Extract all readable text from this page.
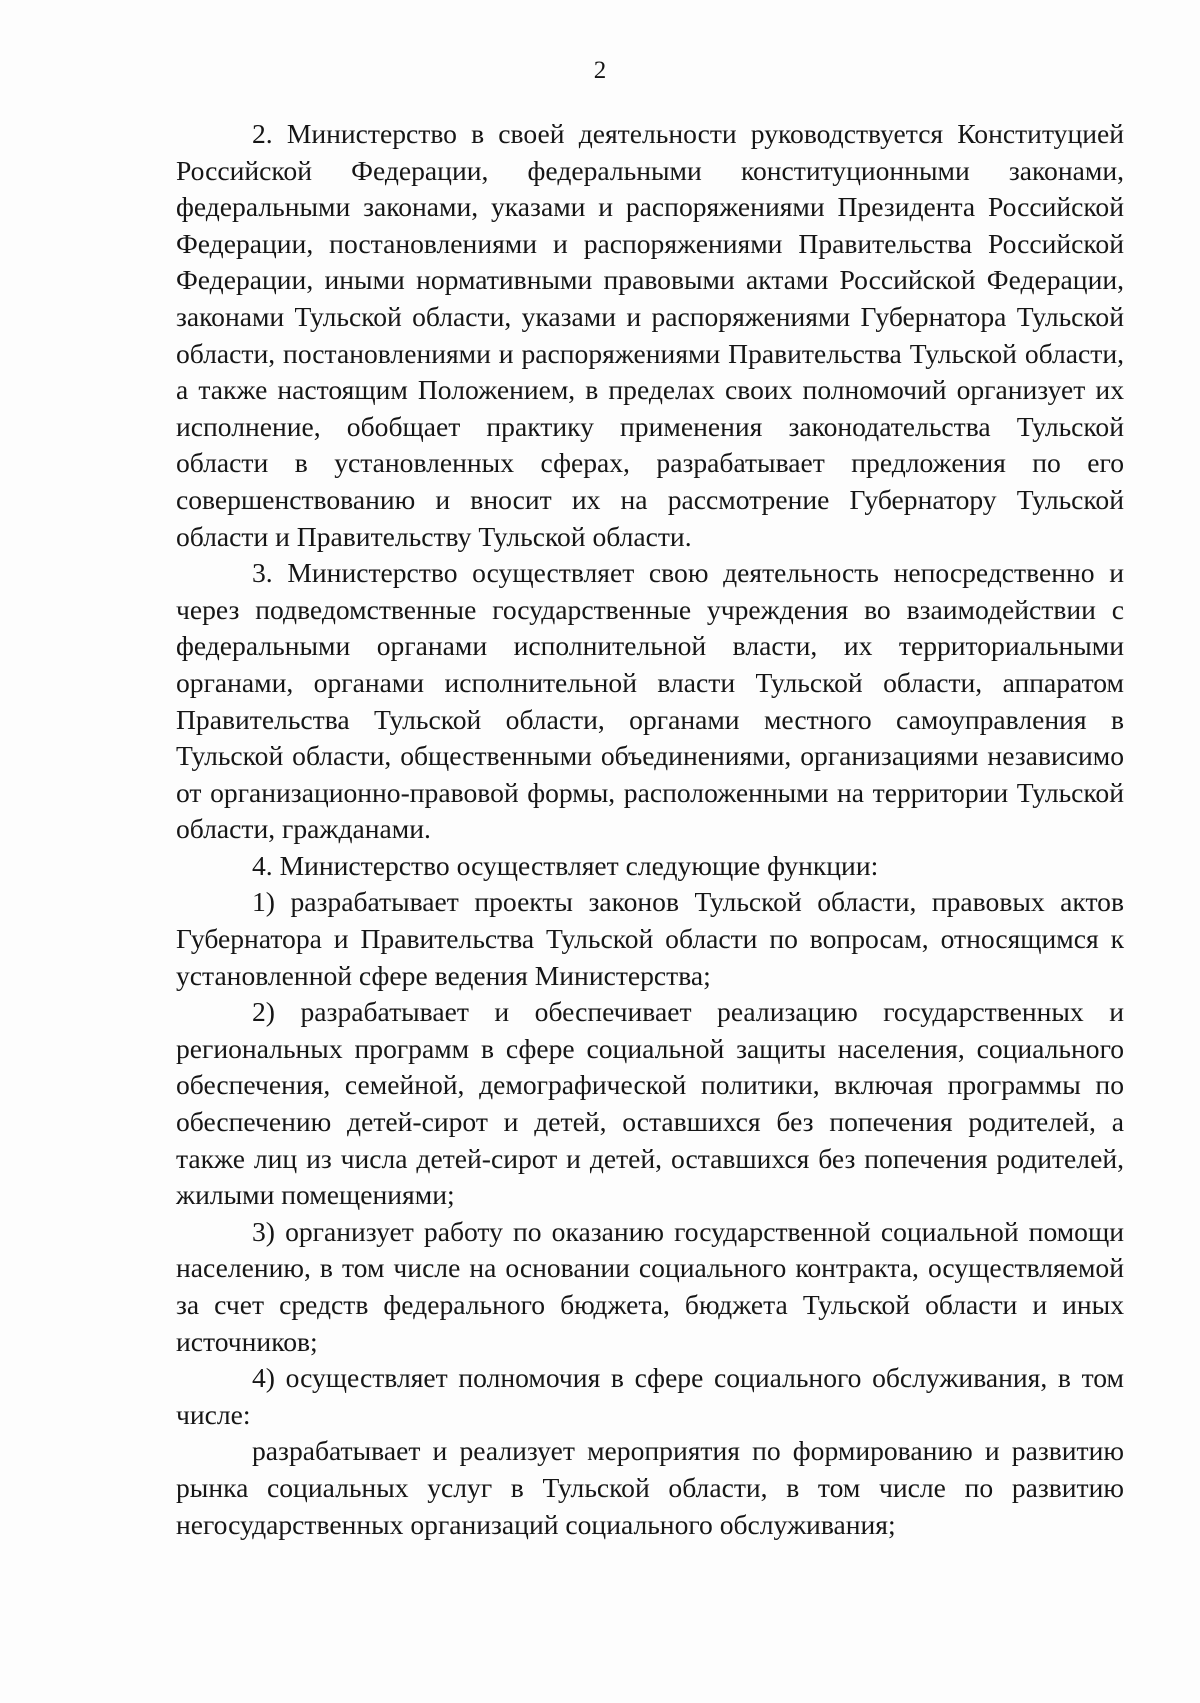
2

2. Министерство в своей деятельности руководствуется Конституцией Российской Федерации, федеральными конституционными законами, федеральными законами, указами и распоряжениями Президента Российской Федерации, постановлениями и распоряжениями Правительства Российской Федерации, иными нормативными правовыми актами Российской Федерации, законами Тульской области, указами и распоряжениями Губернатора Тульской области, постановлениями и распоряжениями Правительства Тульской области, а также настоящим Положением, в пределах своих полномочий организует их исполнение, обобщает практику применения законодательства Тульской области в установленных сферах, разрабатывает предложения по его совершенствованию и вносит их на рассмотрение Губернатору Тульской области и Правительству Тульской области.

3. Министерство осуществляет свою деятельность непосредственно и через подведомственные государственные учреждения во взаимодействии с федеральными органами исполнительной власти, их территориальными органами, органами исполнительной власти Тульской области, аппаратом Правительства Тульской области, органами местного самоуправления в Тульской области, общественными объединениями, организациями независимо от организационно-правовой формы, расположенными на территории Тульской области, гражданами.

4. Министерство осуществляет следующие функции:

1) разрабатывает проекты законов Тульской области, правовых актов Губернатора и Правительства Тульской области по вопросам, относящимся к установленной сфере ведения Министерства;

2) разрабатывает и обеспечивает реализацию государственных и региональных программ в сфере социальной защиты населения, социального обеспечения, семейной, демографической политики, включая программы по обеспечению детей-сирот и детей, оставшихся без попечения родителей, а также лиц из числа детей-сирот и детей, оставшихся без попечения родителей, жилыми помещениями;

3) организует работу по оказанию государственной социальной помощи населению, в том числе на основании социального контракта, осуществляемой за счет средств федерального бюджета, бюджета Тульской области и иных источников;

4) осуществляет полномочия в сфере социального обслуживания, в том числе:

разрабатывает и реализует мероприятия по формированию и развитию рынка социальных услуг в Тульской области, в том числе по развитию негосударственных организаций социального обслуживания;
